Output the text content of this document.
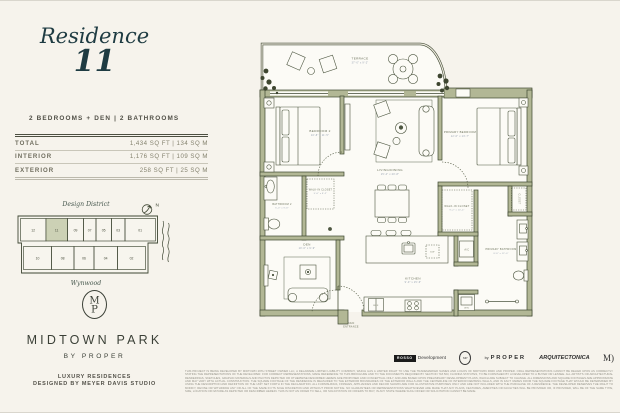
Residence
11
2 BEDROOMS + DEN | 2 BATHROOMS
TOTAL	1,434 SQ FT | 134 SQ M
INTERIOR	1,176 SQ FT | 109 SQ M
EXTERIOR	258 SQ FT | 25 SQ M
Design District	N
12	11	09	07	05	03	01
10	08	06	04	02
Wynwood
M
P
MIDTOWN PARK
BY PROPER
LUXURY RESIDENCES
DESIGNED BY MEYER DAVIS STUDIO
TERRACE
BEDROOM 2
LIVING/DINING
PRIMARY BEDROOM
WALK-IN CLOSET
BATHROOM 2
WALK-IN CLOSET
CLOSET
PRIMARY BATHROOM
DEN
KITCHEN
A/C
W/D
REF
DW
MAIN
ENTRANCE
37'-0" x 9'-2"
10'-8" x 11'-5"
15'-4" x 20'-8"
12'-0" x 13'-7"
5'-6" x 8'-2"
5'-0" x 9'-8"
9'-2" x 10'-4"
8'-8" x 12'-0"
10'-0" x 9'-9"
9'-0" x 15'-6"
ROSSO	Development	MP	by PROPER ARQUITECTONICA M)
THIS PROJECT IS BEING DEVELOPED BY MIDTOWN 29TH STREET OWNER LLC, A DELAWARE LIMITED LIABILITY COMPANY, WHICH HAS A LIMITED RIGHT TO USE THE TRADEMARKED NAMES AND LOGOS OF MIDTOWN PARK AND PROPER. ORAL REPRESENTATIONS CANNOT BE RELIED UPON AS CORRECTLY STATING THE REPRESENTATIONS OF THE DEVELOPER. FOR CORRECT REPRESENTATIONS, MAKE REFERENCE TO THIS BROCHURE AND TO THE DOCUMENTS REQUIRED BY SECTION 718.503, FLORIDA STATUTES, TO BE FURNISHED BY A DEVELOPER TO A BUYER OR LESSEE. ALL ARTIST'S OR ARCHITECTURAL RENDERINGS, SKETCHES, GRAPHIC MATERIALS AND PHOTOS DEPICTED OR OTHERWISE DESCRIBED HEREIN ARE PROPOSED AND CONCEPTUAL ONLY, AND ARE BASED UPON PRELIMINARY DEVELOPMENT PLANS, WHICH ARE SUBJECT TO CHANGE. ALL DIMENSIONS AND SQUARE FOOTAGES ARE APPROXIMATE AND MAY VARY WITH ACTUAL CONSTRUCTION. THE SQUARE FOOTAGE OF THE RESIDENCE IS MEASURED TO THE EXTERIOR BOUNDARIES OF THE EXTERIOR WALLS AND THE CENTERLINE OF INTERIOR DEMISING WALLS, AND IN FACT VARIES FROM THE SQUARE FOOTAGE THAT WOULD BE DETERMINED BY USING THE DESCRIPTION AND DEFINITION OF THE UNIT SET FORTH IN THE DECLARATION. ALL FURNISHINGS, FINISHES, APPLIANCES AND DECOR SHOWN ARE FOR ILLUSTRATIVE PURPOSES ONLY AND ARE NOT INCLUDED WITH THE PURCHASE OF A RESIDENCE. THE DEVELOPER RESERVES THE RIGHT TO MODIFY, REVISE OR WITHDRAW ANY OR ALL OF THE SAME IN ITS SOLE DISCRETION AND WITHOUT PRIOR NOTICE. NO GUARANTEES OR REPRESENTATIONS WHATSOEVER ARE MADE THAT ANY PLANS, FEATURES, AMENITIES OR FACILITIES WILL BE PROVIDED OR, IF PROVIDED, WILL BE OF THE SAME TYPE, SIZE, LOCATION OR NATURE AS DEPICTED OR DESCRIBED HEREIN. THIS IS NOT AN OFFER TO SELL, OR SOLICITATION OF OFFERS TO BUY, IN ANY STATE WHERE SUCH OFFER OR SOLICITATION CANNOT BE MADE.
